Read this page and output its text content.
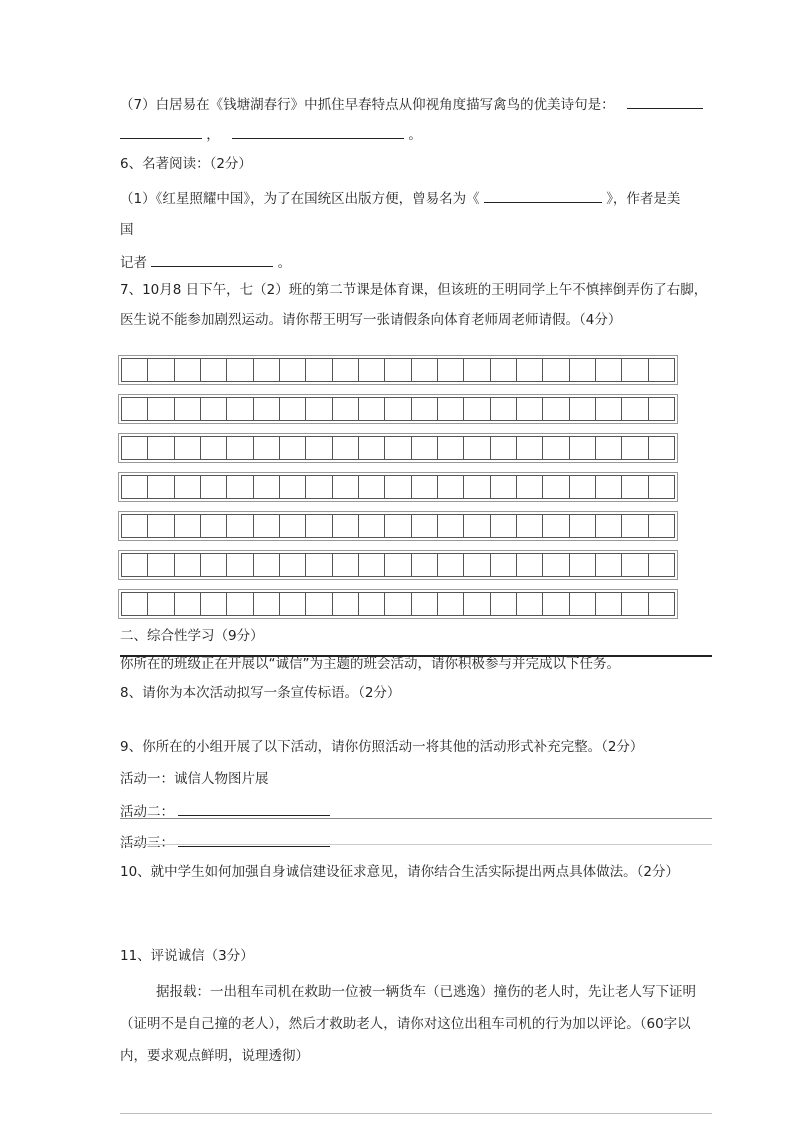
（7）白居易在《钱塘湖春行》中抓住早春特点从仰视角度描写禽鸟的优美诗句是：
，	。
6、名著阅读：（2分）
（1）《红星照耀中国》，为了在国统区出版方便，曾易名为《	》，作者是美
国
记者	。
7、10月8 日下午，七（2）班的第二节课是体育课，但该班的王明同学上午不慎摔倒弄伤了右脚，
医生说不能参加剧烈运动。请你帮王明写一张请假条向体育老师周老师请假。（4分）
二、综合性学习（9分）
你所在的班级正在开展以“诚信”为主题的班会活动，请你积极参与并完成以下任务。
8、请你为本次活动拟写一条宣传标语。（2分）
9、你所在的小组开展了以下活动，请你仿照活动一将其他的活动形式补充完整。（2分）
活动一：诚信人物图片展
活动二：
活动三：
10、就中学生如何加强自身诚信建设征求意见，请你结合生活实际提出两点具体做法。（2分）
11、评说诚信（3分）
据报载：一出租车司机在救助一位被一辆货车（已逃逸）撞伤的老人时，先让老人写下证明
（证明不是自己撞的老人），然后才救助老人，请你对这位出租车司机的行为加以评论。（60字以
内，要求观点鲜明，说理透彻）
